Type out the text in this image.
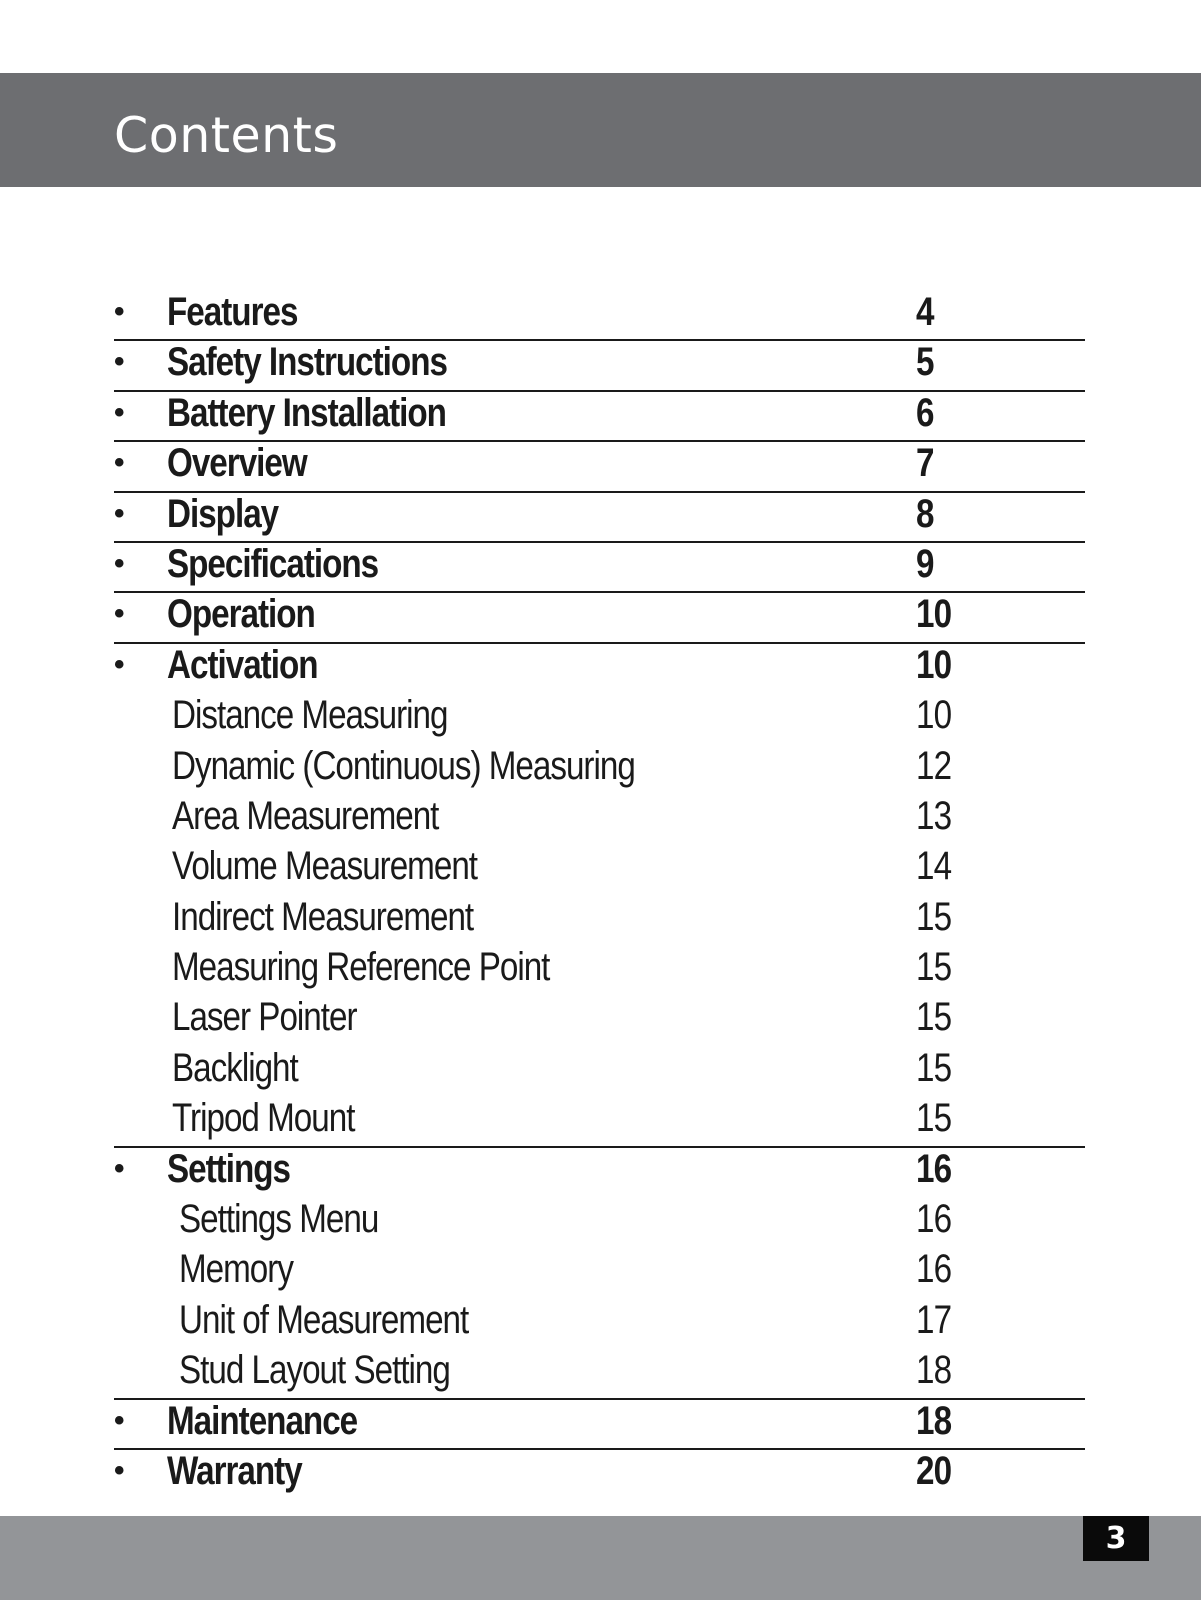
Contents
• Features	4
• Safety Instructions	5
• Battery Installation	6
• Overview	7
• Display	8
• Specifications	9
• Operation	10
• Activation	10
Distance Measuring	10
Dynamic (Continuous) Measuring	12
Area Measurement	13
Volume Measurement	14
Indirect Measurement	15
Measuring Reference Point	15
Laser Pointer	15
Backlight	15
Tripod Mount	15
• Settings	16
Settings Menu	16
Memory	16
Unit of Measurement	17
Stud Layout Setting	18
• Maintenance	18
• Warranty	20
3
